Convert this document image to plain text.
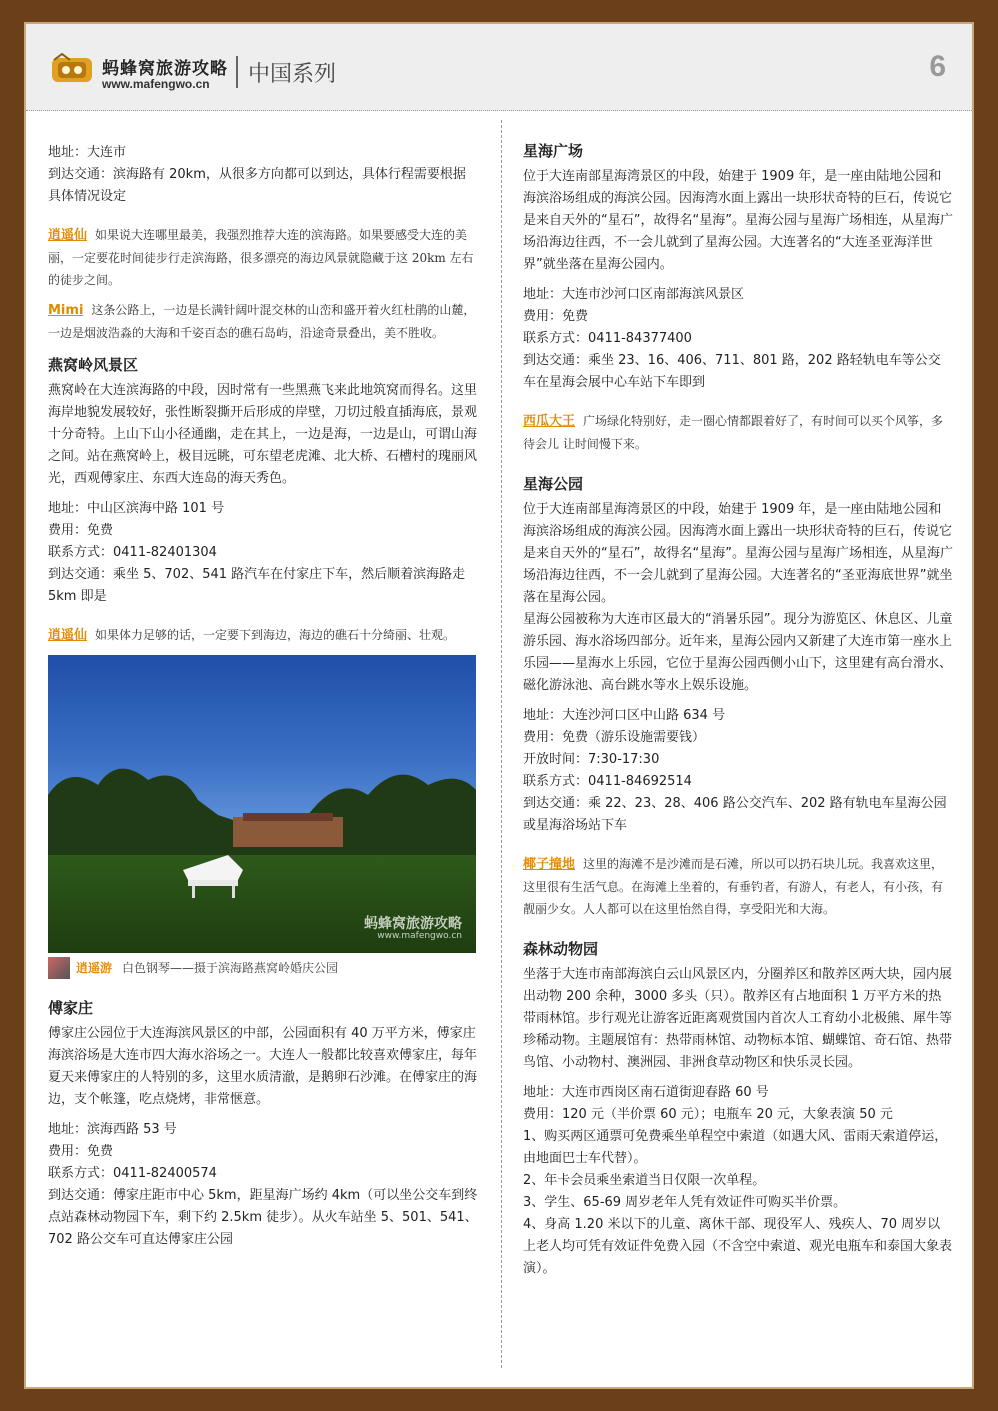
蚂蜂窝旅游攻略
www.mafengwo.cn 中国系列	6

地址：大连市

到达交通：滨海路有 20km，从很多方向都可以到达，具体行程需要根据具体情况设定

逍遥仙 如果说大连哪里最美，我强烈推荐大连的滨海路。如果要感受大连的美丽，一定要花时间徒步行走滨海路，很多漂亮的海边风景就隐藏于这 20km 左右的徒步之间。

Mimi 这条公路上，一边是长满针阔叶混交林的山峦和盛开着火红杜鹃的山麓，一边是烟波浩淼的大海和千姿百态的礁石岛屿，沿途奇景叠出，美不胜收。

燕窝岭风景区

燕窝岭在大连滨海路的中段，因时常有一些黑燕飞来此地筑窝而得名。这里海岸地貌发展较好，张性断裂撕开后形成的岸壁，刀切过般直插海底，景观十分奇特。上山下山小径通幽，走在其上，一边是海，一边是山，可谓山海之间。站在燕窝岭上，极目远眺，可东望老虎滩、北大桥、石槽村的瑰丽风光，西观傅家庄、东西大连岛的海天秀色。

地址：中山区滨海中路 101 号

费用：免费

联系方式：0411-82401304

到达交通：乘坐 5、702、541 路汽车在付家庄下车，然后顺着滨海路走 5km 即是

逍遥仙 如果体力足够的话，一定要下到海边，海边的礁石十分绮丽、壮观。

蚂蜂窝旅游攻略
www.mafengwo.cn
逍遥游 白色钢琴——摄于滨海路燕窝岭婚庆公园
傅家庄

傅家庄公园位于大连海滨风景区的中部，公园面积有 40 万平方米，傅家庄海滨浴场是大连市四大海水浴场之一。大连人一般都比较喜欢傅家庄，每年夏天来傅家庄的人特别的多，这里水质清澈，是鹅卵石沙滩。在傅家庄的海边，支个帐篷，吃点烧烤，非常惬意。

地址：滨海西路 53 号

费用：免费

联系方式：0411-82400574

到达交通：傅家庄距市中心 5km，距星海广场约 4km（可以坐公交车到终点站森林动物园下车，剩下约 2.5km 徒步）。从火车站坐 5、501、541、702 路公交车可直达傅家庄公园

星海广场

位于大连南部星海湾景区的中段，始建于 1909 年，是一座由陆地公园和海滨浴场组成的海滨公园。因海湾水面上露出一块形状奇特的巨石，传说它是来自天外的“星石”，故得名“星海”。星海公园与星海广场相连，从星海广场沿海边往西，不一会儿就到了星海公园。大连著名的“大连圣亚海洋世界”就坐落在星海公园内。

地址：大连市沙河口区南部海滨风景区

费用：免费

联系方式：0411-84377400

到达交通：乘坐 23、16、406、711、801 路，202 路轻轨电车等公交车在星海会展中心车站下车即到

西瓜大王 广场绿化特别好，走一圈心情都跟着好了，有时间可以买个风筝，多待会儿 让时间慢下来。

星海公园

位于大连南部星海湾景区的中段，始建于 1909 年，是一座由陆地公园和海滨浴场组成的海滨公园。因海湾水面上露出一块形状奇特的巨石，传说它是来自天外的“星石”，故得名“星海”。星海公园与星海广场相连，从星海广场沿海边往西，不一会儿就到了星海公园。大连著名的“圣亚海底世界”就坐落在星海公园。

星海公园被称为大连市区最大的“消暑乐园”。现分为游览区、休息区、儿童游乐园、海水浴场四部分。近年来，星海公园内又新建了大连市第一座水上乐园——星海水上乐园，它位于星海公园西侧小山下，这里建有高台滑水、磁化游泳池、高台跳水等水上娱乐设施。

地址：大连沙河口区中山路 634 号

费用：免费（游乐设施需要钱）

开放时间：7:30-17:30

联系方式：0411-84692514

到达交通：乘 22、23、28、406 路公交汽车、202 路有轨电车星海公园或星海浴场站下车

椰子撞地 这里的海滩不是沙滩而是石滩，所以可以扔石块儿玩。我喜欢这里，这里很有生活气息。在海滩上坐着的，有垂钓者，有游人，有老人，有小孩，有靓丽少女。人人都可以在这里怡然自得，享受阳光和大海。

森林动物园

坐落于大连市南部海滨白云山风景区内，分圈养区和散养区两大块，园内展出动物 200 余种，3000 多头（只）。散养区有占地面积 1 万平方米的热带雨林馆。步行观光让游客近距离观赏国内首次人工育幼小北极熊、犀牛等珍稀动物。主题展馆有：热带雨林馆、动物标本馆、蝴蝶馆、奇石馆、热带鸟馆、小动物村、澳洲园、非洲食草动物区和快乐灵长园。

地址：大连市西岗区南石道街迎春路 60 号

费用：120 元（半价票 60 元）；电瓶车 20 元，大象表演 50 元

1、购买两区通票可免费乘坐单程空中索道（如遇大风、雷雨天索道停运，由地面巴士车代替）。

2、年卡会员乘坐索道当日仅限一次单程。

3、学生、65-69 周岁老年人凭有效证件可购买半价票。

4、身高 1.20 米以下的儿童、离休干部、现役军人、残疾人、70 周岁以上老人均可凭有效证件免费入园（不含空中索道、观光电瓶车和泰国大象表演）。
